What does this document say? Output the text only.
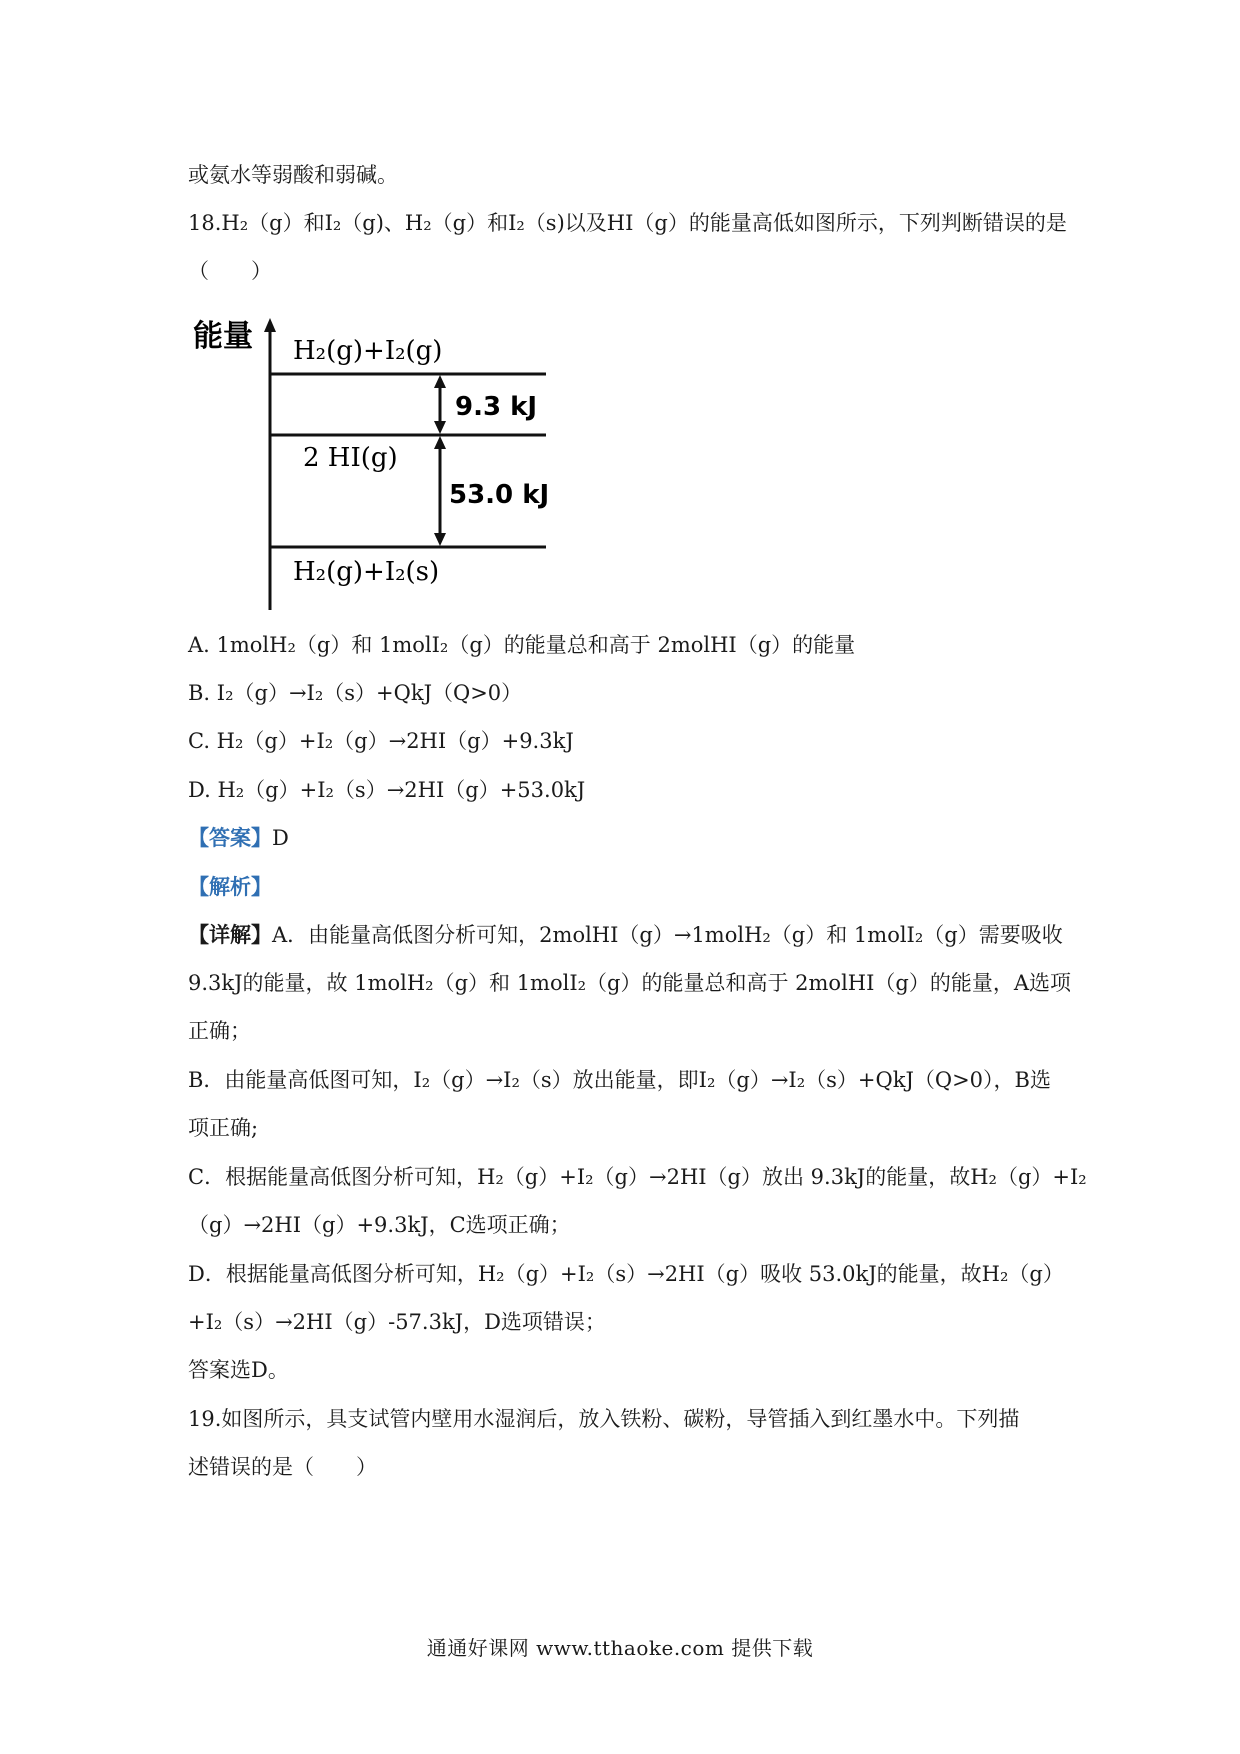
或氨水等弱酸和弱碱。
18.H₂（g）和I₂（g)、H₂（g）和I₂（s)以及HI（g）的能量高低如图所示，下列判断错误的是
（　　）
能量 H₂(g)+I₂(g)
2 HI(g)
H₂(g)+I₂(s)
9.3 kJ
53.0 kJ
A. 1molH₂（g）和 1molI₂（g）的能量总和高于 2molHI（g）的能量
B. I₂（g）→I₂（s）+QkJ（Q>0）
C. H₂（g）+I₂（g）→2HI（g）+9.3kJ
D. H₂（g）+I₂（s）→2HI（g）+53.0kJ
【答案】D
【解析】
【详解】A．由能量高低图分析可知，2molHI（g）→1molH₂（g）和 1molI₂（g）需要吸收
9.3kJ的能量，故 1molH₂（g）和 1molI₂（g）的能量总和高于 2molHI（g）的能量，A选项
正确；
B．由能量高低图可知，I₂（g）→I₂（s）放出能量，即I₂（g）→I₂（s）+QkJ（Q>0），B选
项正确;
C．根据能量高低图分析可知，H₂（g）+I₂（g）→2HI（g）放出 9.3kJ的能量，故H₂（g）+I₂
（g）→2HI（g）+9.3kJ，C选项正确；
D．根据能量高低图分析可知，H₂（g）+I₂（s）→2HI（g）吸收 53.0kJ的能量，故H₂（g）
+I₂（s）→2HI（g）-57.3kJ，D选项错误；
答案选D。
19.如图所示，具支试管内壁用水湿润后，放入铁粉、碳粉，导管插入到红墨水中。下列描
述错误的是（　　）
通通好课网 www.tthaoke.com 提供下载
